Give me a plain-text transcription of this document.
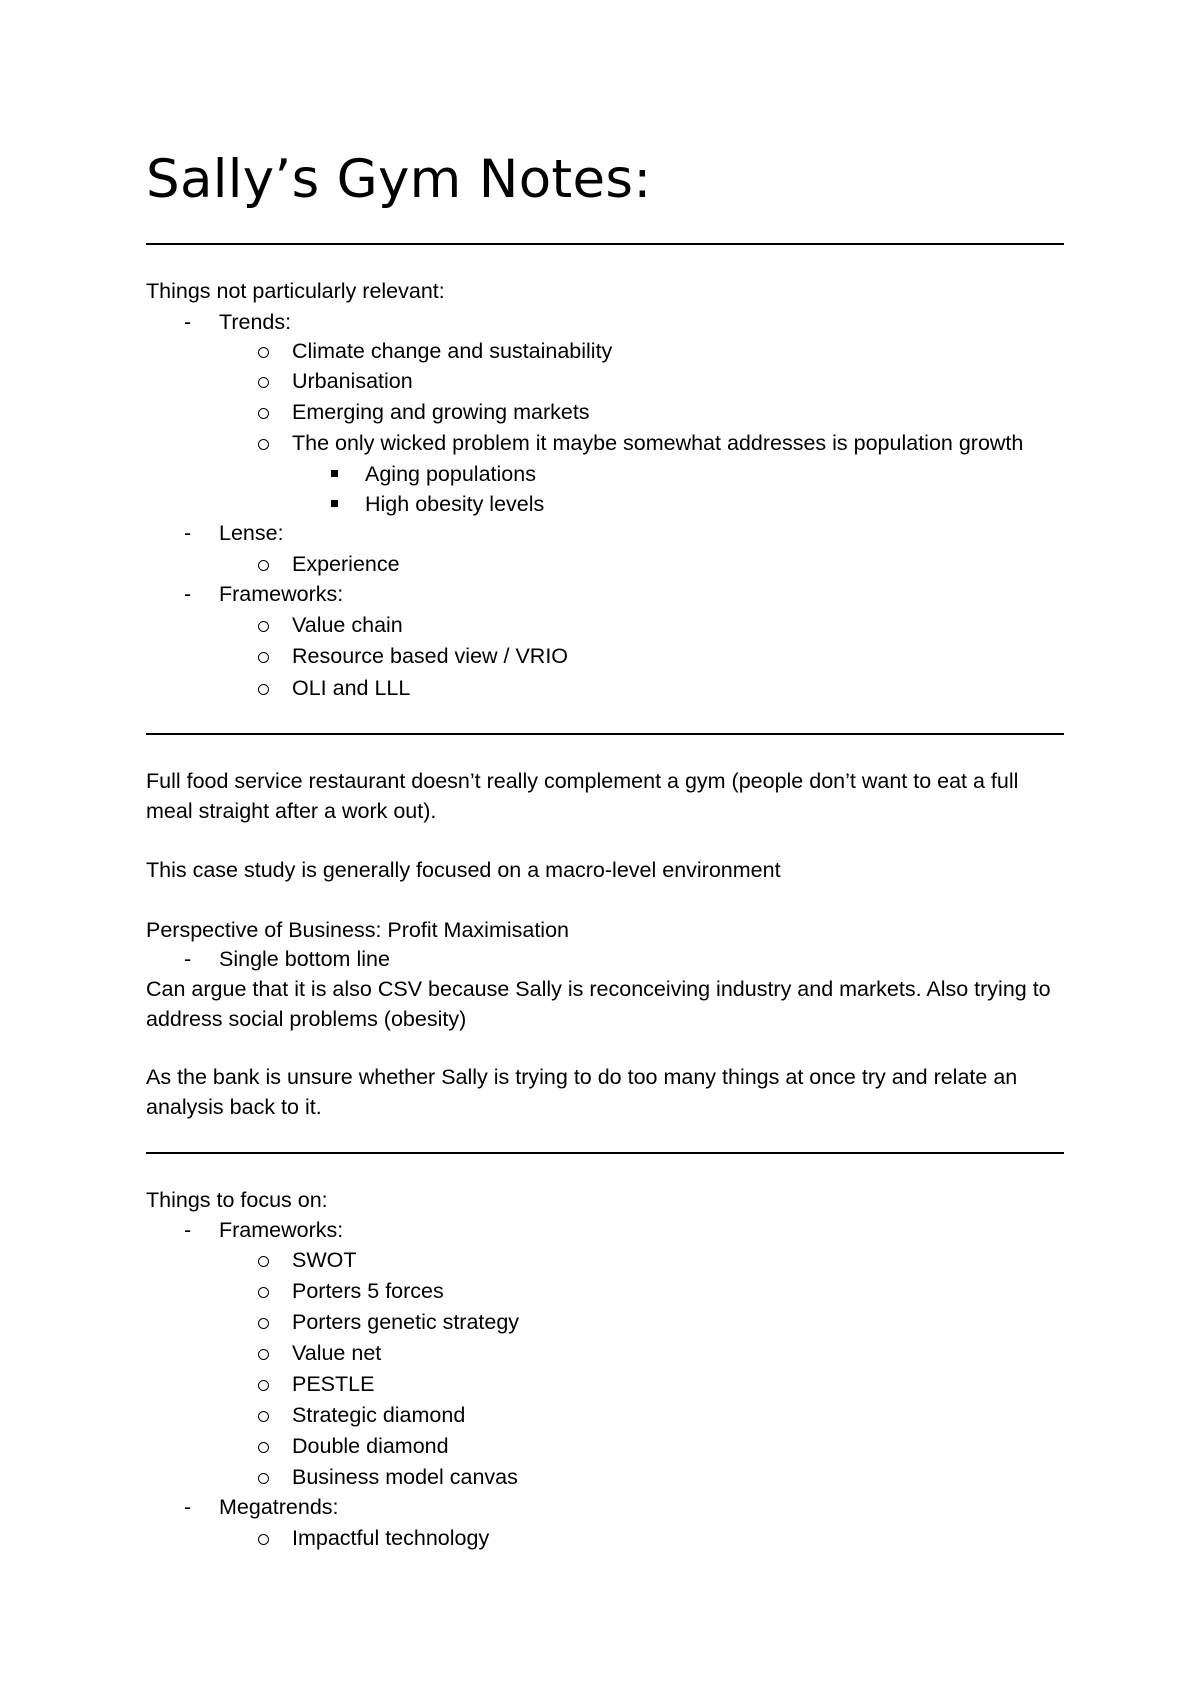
Sally’s Gym Notes:
Things not particularly relevant:
- Trends:
Climate change and sustainability
Urbanisation
Emerging and growing markets
The only wicked problem it maybe somewhat addresses is population growth
Aging populations
High obesity levels
- Lense:
Experience
- Frameworks:
Value chain
Resource based view / VRIO
OLI and LLL
Full food service restaurant doesn’t really complement a gym (people don’t want to eat a full meal straight after a work out).
This case study is generally focused on a macro-level environment
Perspective of Business: Profit Maximisation
- Single bottom line
Can argue that it is also CSV because Sally is reconceiving industry and markets. Also trying to address social problems (obesity)
As the bank is unsure whether Sally is trying to do too many things at once try and relate an analysis back to it.
Things to focus on:
- Frameworks:
SWOT
Porters 5 forces
Porters genetic strategy
Value net
PESTLE
Strategic diamond
Double diamond
Business model canvas
- Megatrends:
Impactful technology
